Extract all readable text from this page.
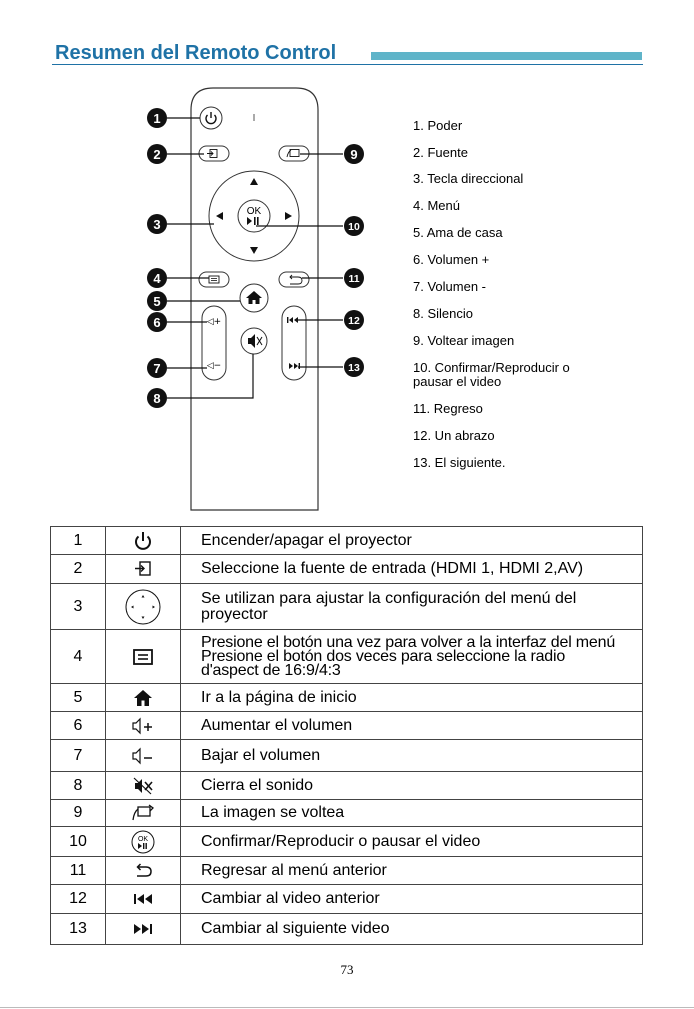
Resumen del Remoto Control
OK
◁+
◁−
1
2
3
4
5
6
7
8
9
10
11
12
13
1. Poder
2. Fuente
3. Tecla direccional
4. Menú
5. Ama de casa
6. Volumen +
7. Volumen -
8. Silencio
9. Voltear imagen
10. Confirmar/Reproducir o
pausar el video
11. Regreso
12. Un abrazo
13. El siguiente.
1		Encender/apagar el proyector
2		Seleccione la fuente de entrada (HDMI 1, HDMI 2,AV)
3		Se utilizan para ajustar la configuración del menú del proyector
4		Presione el botón una vez para volver a la interfaz del menú
Presione el botón dos veces para seleccione la radio
d'aspect de 16:9/4:3

5		Ir a la página de inicio
6		Aumentar el volumen
7		Bajar el volumen
8		Cierra el sonido
9		La imagen se voltea
10	OK	Confirmar/Reproducir o pausar el video
11		Regresar al menú anterior
12		Cambiar al video anterior
13		Cambiar al siguiente video
73
